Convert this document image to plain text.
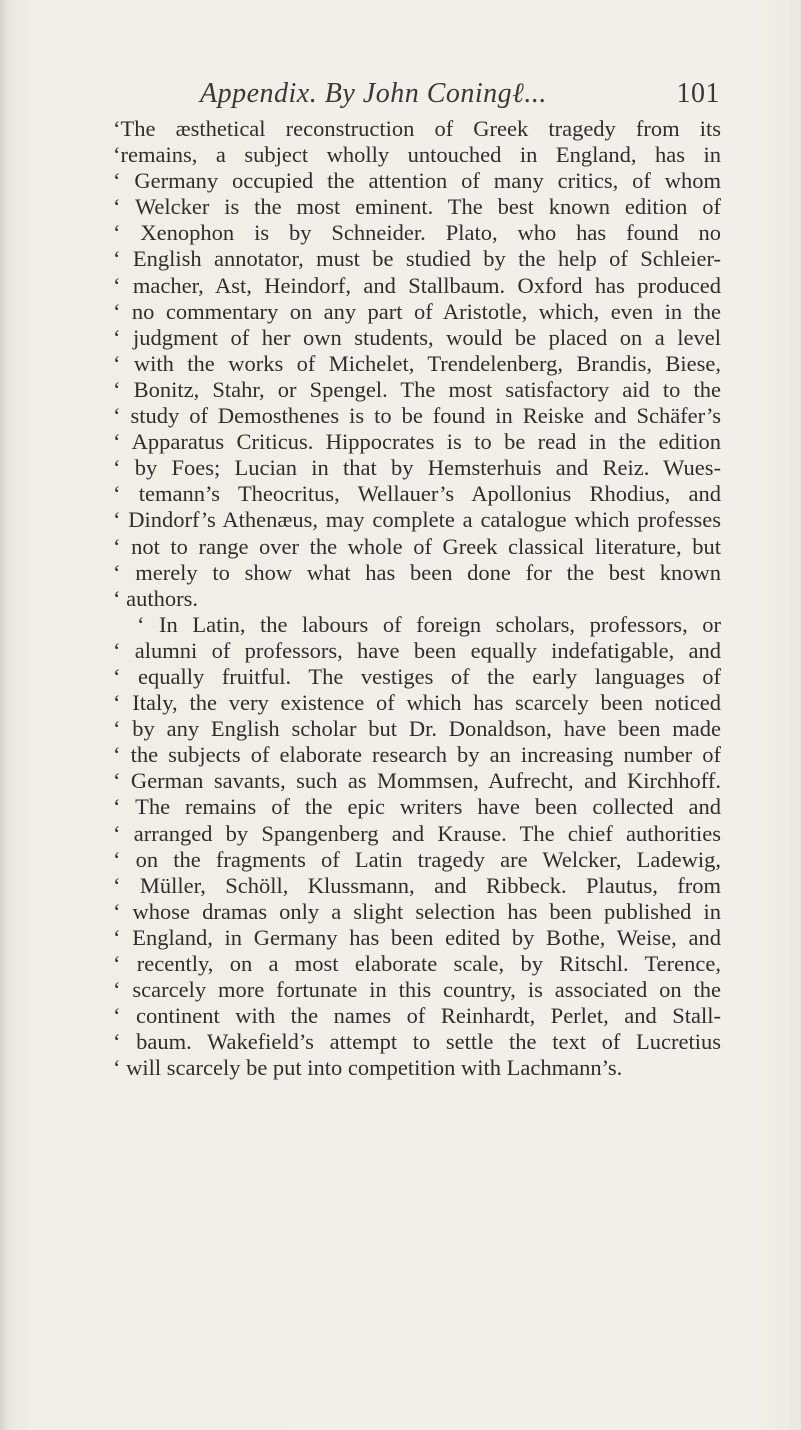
Appendix. By John Coningℓ...	101
‘The æsthetical reconstruction of Greek tragedy from its
‘remains, a subject wholly untouched in England, has in
‘ Germany occupied the attention of many critics, of whom
‘ Welcker is the most eminent. The best known edition of
‘ Xenophon is by Schneider. Plato, who has found no
‘ English annotator, must be studied by the help of Schleier-
‘ macher, Ast, Heindorf, and Stallbaum. Oxford has produced
‘ no commentary on any part of Aristotle, which, even in the
‘ judgment of her own students, would be placed on a level
‘ with the works of Michelet, Trendelenberg, Brandis, Biese,
‘ Bonitz, Stahr, or Spengel. The most satisfactory aid to the
‘ study of Demosthenes is to be found in Reiske and Schäfer’s
‘ Apparatus Criticus. Hippocrates is to be read in the edition
‘ by Foes; Lucian in that by Hemsterhuis and Reiz. Wues-
‘ temann’s Theocritus, Wellauer’s Apollonius Rhodius, and
‘ Dindorf’s Athenæus, may complete a catalogue which professes
‘ not to range over the whole of Greek classical literature, but
‘ merely to show what has been done for the best known
‘ authors.
‘ In Latin, the labours of foreign scholars, professors, or
‘ alumni of professors, have been equally indefatigable, and
‘ equally fruitful. The vestiges of the early languages of
‘ Italy, the very existence of which has scarcely been noticed
‘ by any English scholar but Dr. Donaldson, have been made
‘ the subjects of elaborate research by an increasing number of
‘ German savants, such as Mommsen, Aufrecht, and Kirchhoff.
‘ The remains of the epic writers have been collected and
‘ arranged by Spangenberg and Krause. The chief authorities
‘ on the fragments of Latin tragedy are Welcker, Ladewig,
‘ Müller, Schöll, Klussmann, and Ribbeck. Plautus, from
‘ whose dramas only a slight selection has been published in
‘ England, in Germany has been edited by Bothe, Weise, and
‘ recently, on a most elaborate scale, by Ritschl. Terence,
‘ scarcely more fortunate in this country, is associated on the
‘ continent with the names of Reinhardt, Perlet, and Stall-
‘ baum. Wakefield’s attempt to settle the text of Lucretius
‘ will scarcely be put into competition with Lachmann’s.
